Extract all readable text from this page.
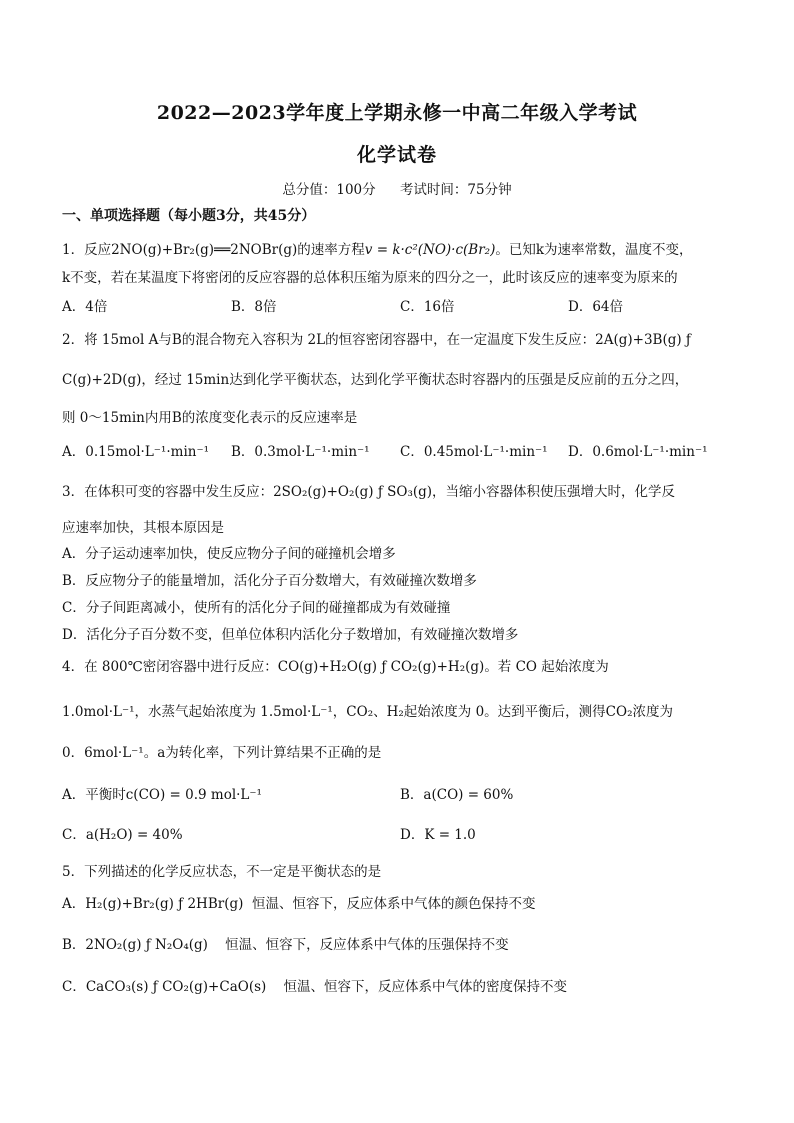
2022—2023学年度上学期永修一中高二年级入学考试
化学试卷
总分值：100分 考试时间：75分钟
一、单项选择题（每小题3分，共45分）
1．反应2NO(g)+Br₂(g)══2NOBr(g)的速率方程v = k·c²(NO)·c(Br₂)。已知k为速率常数，温度不变，
k不变，若在某温度下将密闭的反应容器的总体积压缩为原来的四分之一，此时该反应的速率变为原来的
A．4倍	B．8倍	C．16倍	D．64倍
2．将 15mol A与B的混合物充入容积为 2L的恒容密闭容器中，在一定温度下发生反应：2A(g)+3B(g) ƒ
C(g)+2D(g)，经过 15min达到化学平衡状态，达到化学平衡状态时容器内的压强是反应前的五分之四，
则 0～15min内用B的浓度变化表示的反应速率是
A．0.15mol·L⁻¹·min⁻¹ B．0.3mol·L⁻¹·min⁻¹ C．0.45mol·L⁻¹·min⁻¹ D．0.6mol·L⁻¹·min⁻¹
3．在体积可变的容器中发生反应：2SO₂(g)+O₂(g) ƒ SO₃(g)，当缩小容器体积使压强增大时，化学反
应速率加快，其根本原因是
A．分子运动速率加快，使反应物分子间的碰撞机会增多
B．反应物分子的能量增加，活化分子百分数增大，有效碰撞次数增多
C．分子间距离减小，使所有的活化分子间的碰撞都成为有效碰撞
D．活化分子百分数不变，但单位体积内活化分子数增加，有效碰撞次数增多
4．在 800℃密闭容器中进行反应：CO(g)+H₂O(g) ƒ CO₂(g)+H₂(g)。若 CO 起始浓度为
1.0mol·L⁻¹，水蒸气起始浓度为 1.5mol·L⁻¹，CO₂、H₂起始浓度为 0。达到平衡后，测得CO₂浓度为
0．6mol·L⁻¹。a为转化率，下列计算结果不正确的是
A．平衡时c(CO) = 0.9 mol·L⁻¹	B．a(CO) = 60%
C．a(H₂O) = 40%	D．K = 1.0
5．下列描述的化学反应状态，不一定是平衡状态的是
A．H₂(g)+Br₂(g) ƒ 2HBr(g) 恒温、恒容下，反应体系中气体的颜色保持不变
B．2NO₂(g) ƒ N₂O₄(g) 恒温、恒容下，反应体系中气体的压强保持不变
C．CaCO₃(s) ƒ CO₂(g)+CaO(s) 恒温、恒容下，反应体系中气体的密度保持不变
